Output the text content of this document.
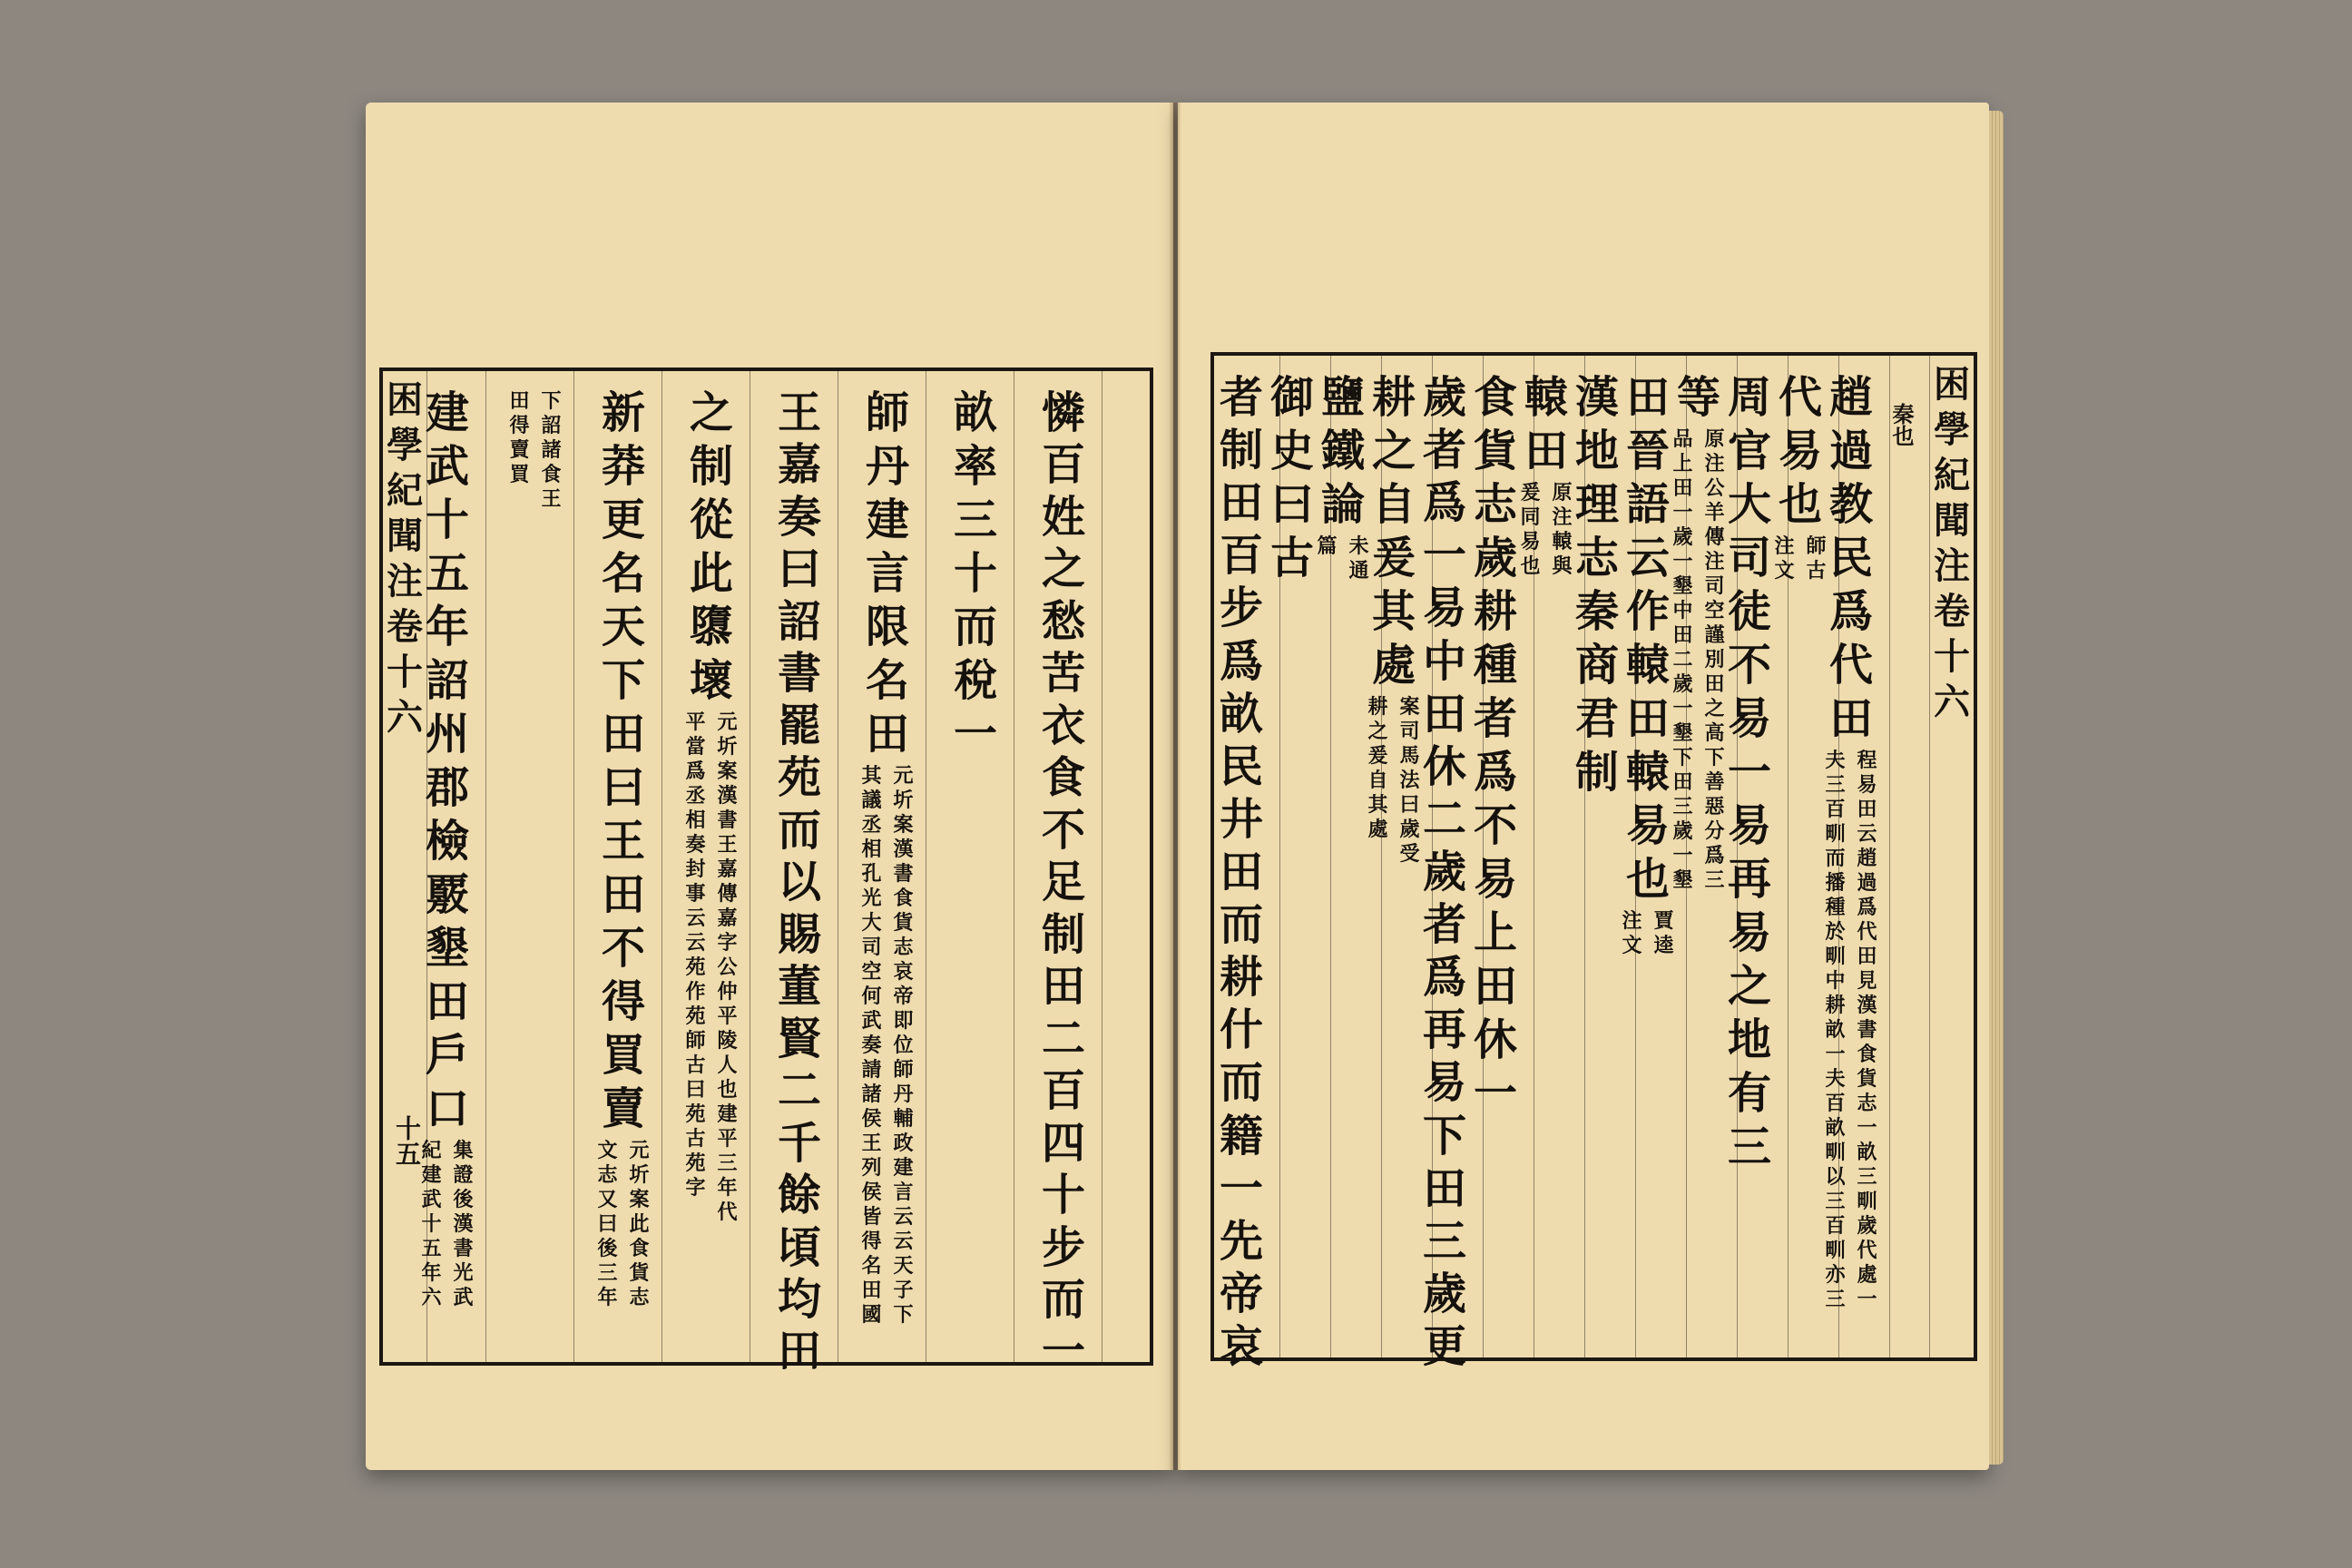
困
學
紀
聞
注
卷
十
六
十五
憐
百
姓
之
愁
苦
衣
食
不
足
制
田
二
百
四
十
步
而
一
畝
率
三
十
而
稅
一
師
丹
建
言
限
名
田
元
圻
案
漢
書
食
貨
志
哀
帝
即
位
師
丹
輔
政
建
言
云
云
天
子
下
其
議
丞
相
孔
光
大
司
空
何
武
奏
請
諸
侯
王
列
侯
皆
得
名
田
國
王
嘉
奏
曰
詔
書
罷
苑
而
以
賜
董
賢
二
千
餘
頃
均
田
之
制
從
此
隳
壞
元
圻
案
漢
書
王
嘉
傳
嘉
字
公
仲
平
陵
人
也
建
平
三
年
代
平
當
爲
丞
相
奏
封
事
云
云
苑
作
苑
師
古
曰
苑
古
苑
字
新
莽
更
名
天
下
田
曰
王
田
不
得
買
賣
元
圻
案
此
食
貨
志
文
志
又
曰
後
三
年
下
詔
諸
食
王
田
得
賣
買
建
武
十
五
年
詔
州
郡
檢
覈
墾
田
戶
口
集
證
後
漢
書
光
武
紀
建
武
十
五
年
六
困
學
紀
聞
注
卷
十
六
秦也
趙
過
教
民
爲
代
田
程
易
田
云
趙
過
爲
代
田
見
漢
書
食
貨
志
一
畝
三
甽
歲
代
處
一
夫
三
百
甽
而
播
種
於
甽
中
耕
畝
一
夫
百
畝
甽
以
三
百
甽
亦
三
代
易
也
師
古
注
文
周
官
大
司
徒
不
易
一
易
再
易
之
地
有
三
等
原
注
公
羊
傳
注
司
空
謹
別
田
之
高
下
善
惡
分
爲
三
品
上
田
一
歲
一
墾
中
田
二
歲
一
墾
下
田
三
歲
一
墾
田
晉
語
云
作
轅
田
轅
易
也
賈
逵
注
文
漢
地
理
志
秦
商
君
制
轅
田
原
注
轅
與
爰
同
易
也
食
貨
志
歲
耕
種
者
爲
不
易
上
田
休
一
歲
者
爲
一
易
中
田
休
二
歲
者
爲
再
易
下
田
三
歲
更
耕
之
自
爰
其
處
案
司
馬
法
曰
歲
受
耕
之
爰
自
其
處
鹽
鐵
論
未
通
篇
御
史
曰
古
者
制
田
百
步
爲
畝
民
井
田
而
耕
什
而
籍
一
先
帝
哀
